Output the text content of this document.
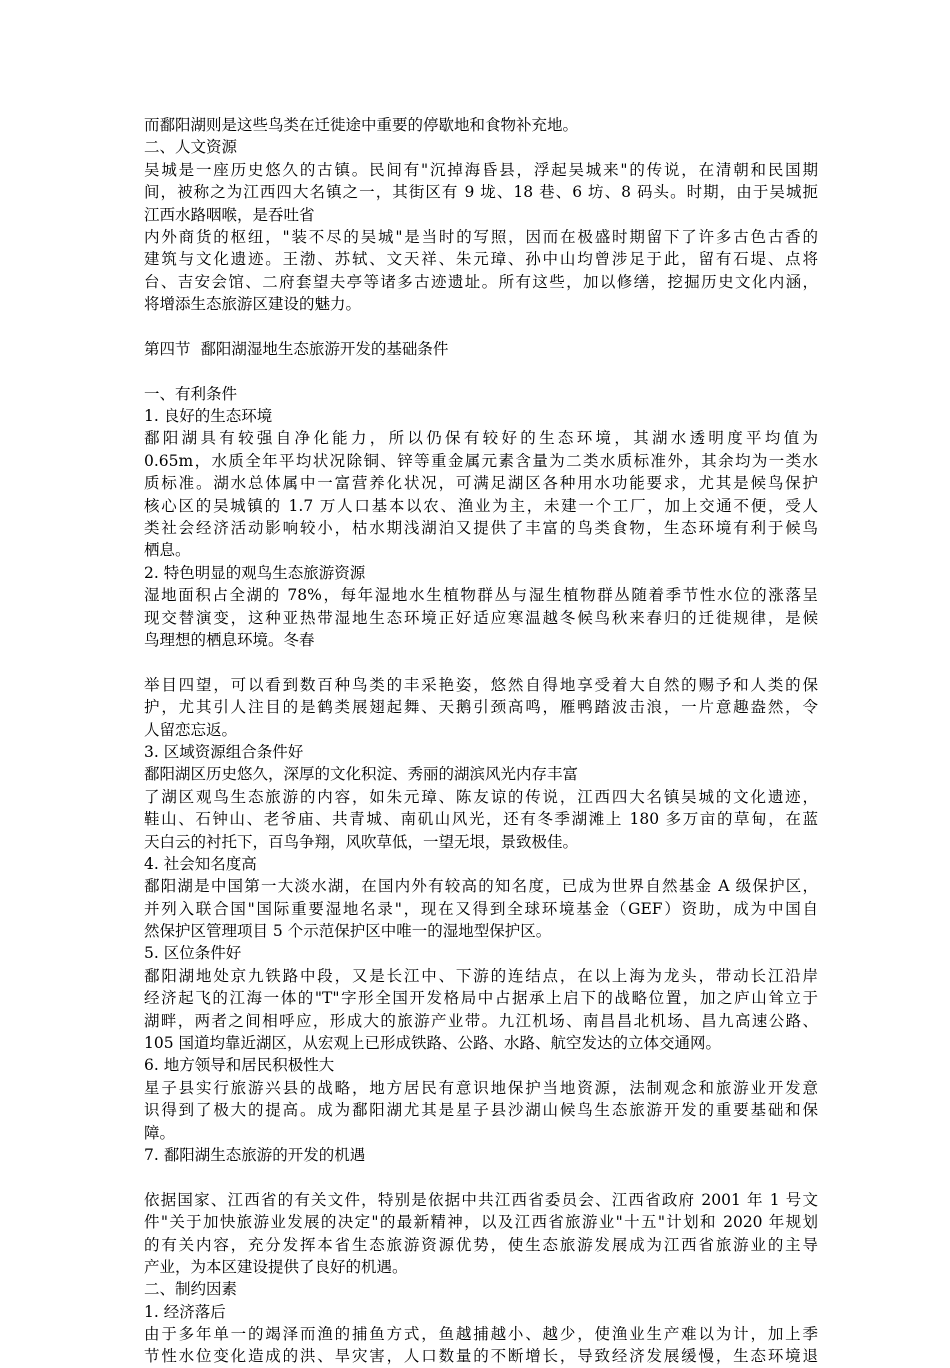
而鄱阳湖则是这些鸟类在迁徙途中重要的停歇地和食物补充地。
二、人文资源
吴城是一座历史悠久的古镇。民间有"沉掉海昏县，浮起吴城来"的传说，在清朝和民国期
间，被称之为江西四大名镇之一，其街区有 9 垅、18 巷、6 坊、8 码头。时期，由于吴城扼
江西水路咽喉，是吞吐省
内外商货的枢纽，"装不尽的吴城"是当时的写照，因而在极盛时期留下了许多古色古香的
建筑与文化遗迹。王渤、苏轼、文天祥、朱元璋、孙中山均曾涉足于此，留有石堤、点将
台、吉安会馆、二府套望夫亭等诸多古迹遗址。所有这些，加以修缮，挖掘历史文化内涵，
将增添生态旅游区建设的魅力。
第四节  鄱阳湖湿地生态旅游开发的基础条件
一、有利条件
1. 良好的生态环境
鄱阳湖具有较强自净化能力，所以仍保有较好的生态环境，其湖水透明度平均值为
0.65m，水质全年平均状况除铜、锌等重金属元素含量为二类水质标准外，其余均为一类水
质标准。湖水总体属中一富营养化状况，可满足湖区各种用水功能要求，尤其是候鸟保护
核心区的吴城镇的 1.7 万人口基本以农、渔业为主，未建一个工厂，加上交通不便，受人
类社会经济活动影响较小，枯水期浅湖泊又提供了丰富的鸟类食物，生态环境有利于候鸟
栖息。
2. 特色明显的观鸟生态旅游资源
湿地面积占全湖的 78%，每年湿地水生植物群丛与湿生植物群丛随着季节性水位的涨落呈
现交替演变，这种亚热带湿地生态环境正好适应寒温越冬候鸟秋来春归的迁徙规律，是候
鸟理想的栖息环境。冬春
举目四望，可以看到数百种鸟类的丰采艳姿，悠然自得地享受着大自然的赐予和人类的保
护，尤其引人注目的是鹤类展翅起舞、天鹅引颈高鸣，雁鸭踏波击浪，一片意趣盎然，令
人留恋忘返。
3. 区域资源组合条件好
鄱阳湖区历史悠久，深厚的文化积淀、秀丽的湖滨风光内存丰富
了湖区观鸟生态旅游的内容，如朱元璋、陈友谅的传说，江西四大名镇吴城的文化遗迹，
鞋山、石钟山、老爷庙、共青城、南矶山风光，还有冬季湖滩上 180 多万亩的草甸，在蓝
天白云的衬托下，百鸟争翔，风吹草低，一望无垠，景致极佳。
4. 社会知名度高
鄱阳湖是中国第一大淡水湖，在国内外有较高的知名度，已成为世界自然基金 A 级保护区，
并列入联合国"国际重要湿地名录"，现在又得到全球环境基金（GEF）资助，成为中国自
然保护区管理项目 5 个示范保护区中唯一的湿地型保护区。
5. 区位条件好
鄱阳湖地处京九铁路中段，又是长江中、下游的连结点，在以上海为龙头，带动长江沿岸
经济起飞的江海一体的"T"字形全国开发格局中占据承上启下的战略位置，加之庐山耸立于
湖畔，两者之间相呼应，形成大的旅游产业带。九江机场、南昌昌北机场、昌九高速公路、
105 国道均靠近湖区，从宏观上已形成铁路、公路、水路、航空发达的立体交通网。
6. 地方领导和居民积极性大
星子县实行旅游兴县的战略，地方居民有意识地保护当地资源，法制观念和旅游业开发意
识得到了极大的提高。成为鄱阳湖尤其是星子县沙湖山候鸟生态旅游开发的重要基础和保
障。
7. 鄱阳湖生态旅游的开发的机遇
依据国家、江西省的有关文件，特别是依据中共江西省委员会、江西省政府 2001 年 1 号文
件"关于加快旅游业发展的决定"的最新精神，以及江西省旅游业"十五"计划和 2020 年规划
的有关内容，充分发挥本省生态旅游资源优势，使生态旅游发展成为江西省旅游业的主导
产业，为本区建设提供了良好的机遇。
二、制约因素
1. 经济落后
由于多年单一的竭泽而渔的捕鱼方式，鱼越捕越小、越少，使渔业生产难以为计，加上季
节性水位变化造成的洪、旱灾害，人口数量的不断增长，导致经济发展缓慢，生态环境退
